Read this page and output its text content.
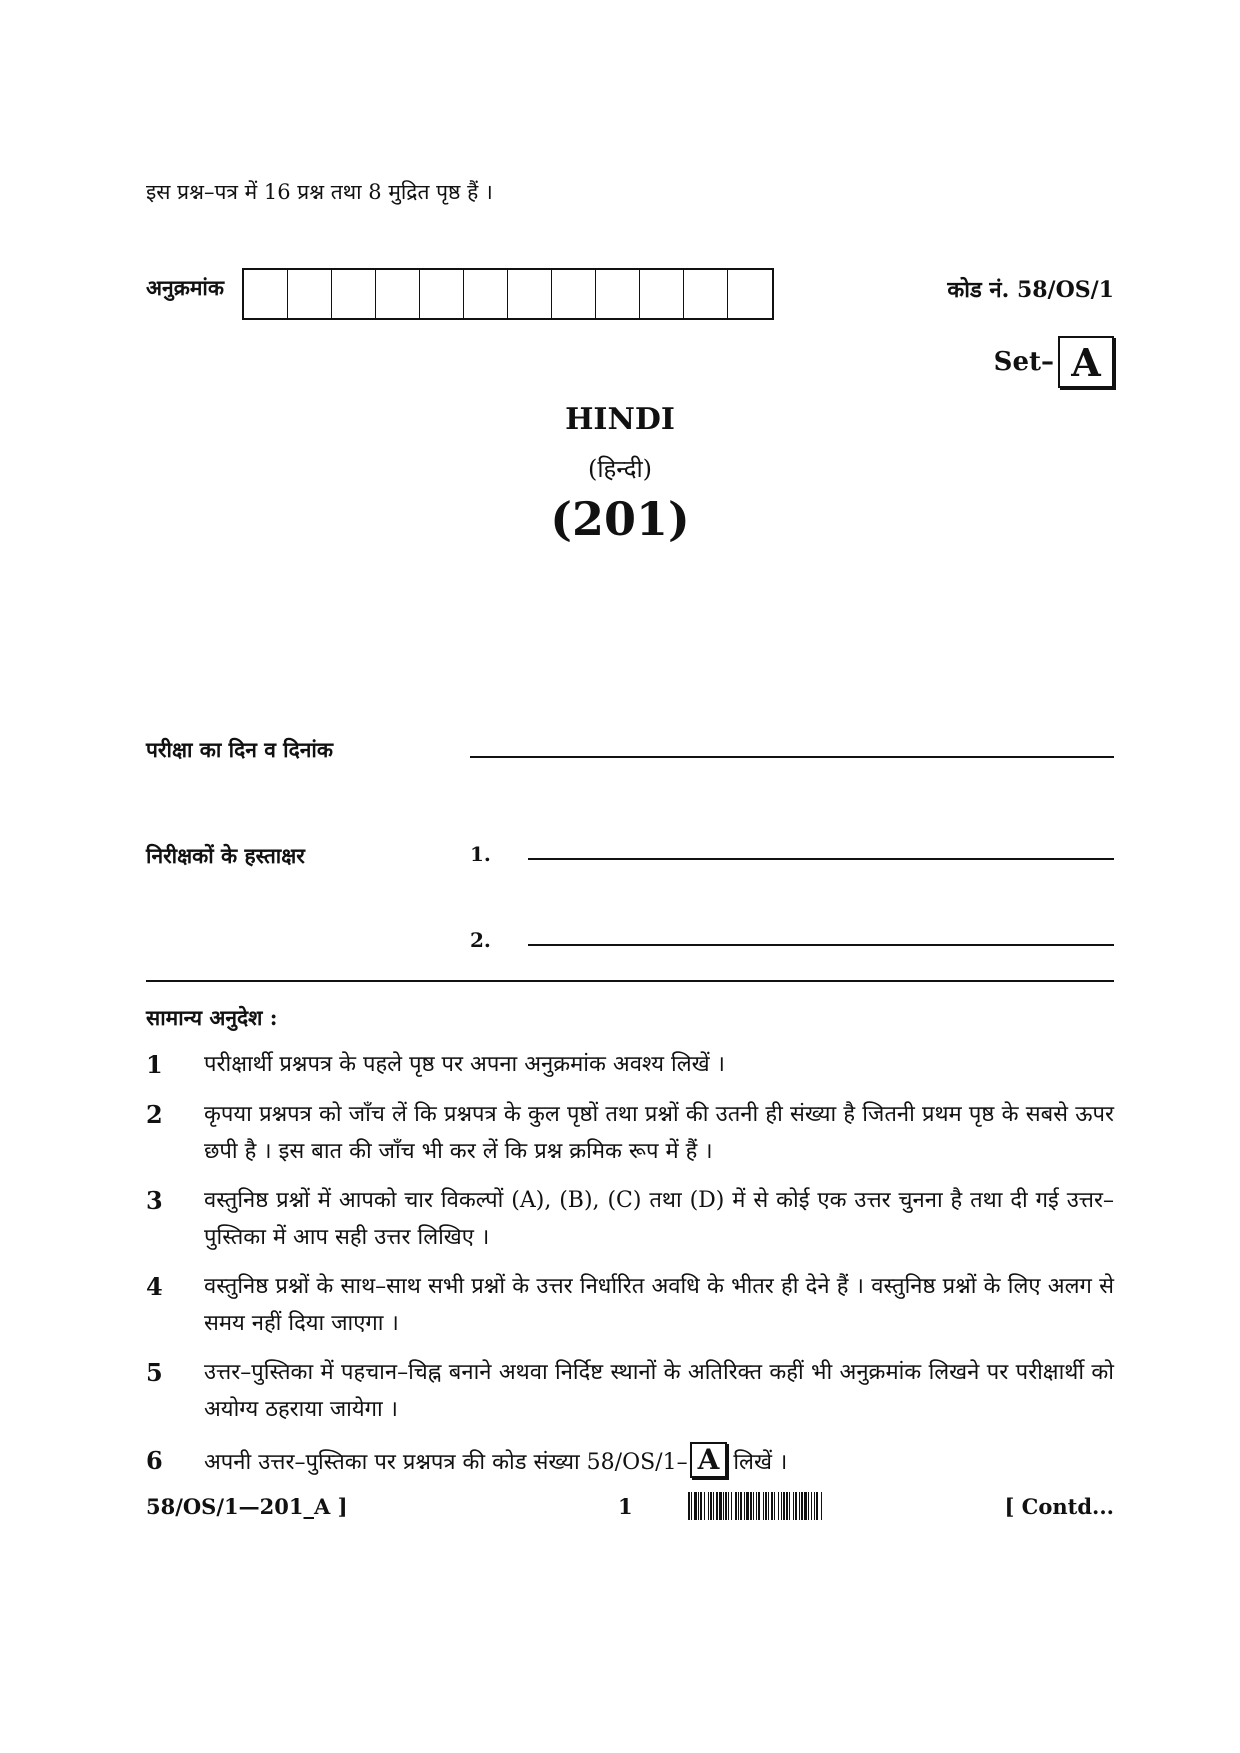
इस प्रश्न–पत्र में 16 प्रश्न तथा 8 मुद्रित पृष्ठ हैं ।
अनुक्रमांक	कोड नं. 58/OS/1
Set– A
HINDI
(हिन्दी)
(201)
परीक्षा का दिन व दिनांक
निरीक्षकों के हस्ताक्षर	1.
2.
सामान्य अनुदेश :
1	परीक्षार्थी प्रश्नपत्र के पहले पृष्ठ पर अपना अनुक्रमांक अवश्य लिखें ।
2	कृपया प्रश्नपत्र को जाँच लें कि प्रश्नपत्र के कुल पृष्ठों तथा प्रश्नों की उतनी ही संख्या है जितनी प्रथम पृष्ठ के सबसे ऊपर छपी है । इस बात की जाँच भी कर लें कि प्रश्न क्रमिक रूप में हैं ।
3	वस्तुनिष्ठ प्रश्नों में आपको चार विकल्पों (A), (B), (C) तथा (D) में से कोई एक उत्तर चुनना है तथा दी गई उत्तर–पुस्तिका में आप सही उत्तर लिखिए ।
4	वस्तुनिष्ठ प्रश्नों के साथ–साथ सभी प्रश्नों के उत्तर निर्धारित अवधि के भीतर ही देने हैं । वस्तुनिष्ठ प्रश्नों के लिए अलग से समय नहीं दिया जाएगा ।
5	उत्तर–पुस्तिका में पहचान–चिह्न बनाने अथवा निर्दिष्ट स्थानों के अतिरिक्त कहीं भी अनुक्रमांक लिखने पर परीक्षार्थी को अयोग्य ठहराया जायेगा ।
6	अपनी उत्तर–पुस्तिका पर प्रश्नपत्र की कोड संख्या 58/OS/1– A लिखें ।
58/OS/1—201_A ]	1	[ Contd...
